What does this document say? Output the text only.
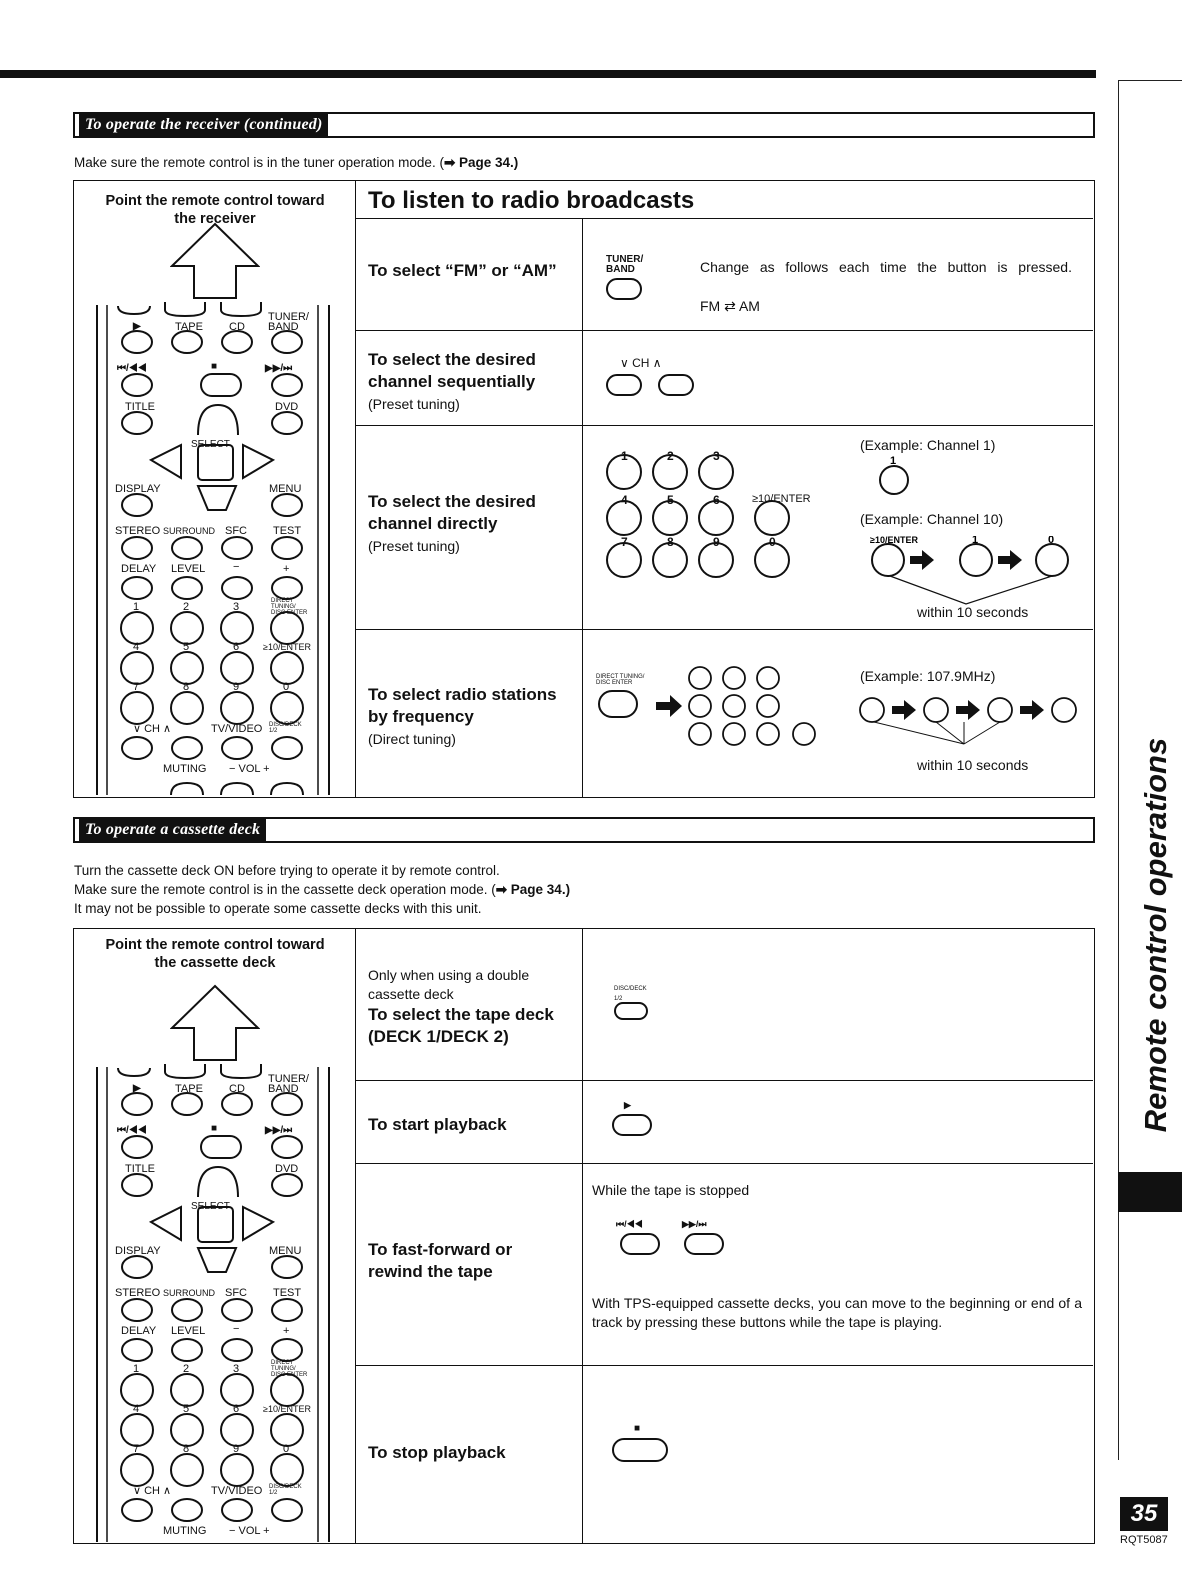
To operate the receiver (continued)
Make sure the remote control is in the tuner operation mode. (➡ Page 34.)
To listen to radio broadcasts
Point the remote control toward the receiver
▶	TAPE CD
TUNER/ BAND
⏮/◀◀	■	▶▶/⏭
TITLE	DVD
SELECT
DISPLAY	MENU
STEREO SURROUND SFC TEST
DELAY LEVEL	−	+
1	2	3	DIRECT TUNING/ DISC ENTER
4	5	6	≥10/ENTER
7	8	9	0
∨ CH ∧	TV/VIDEO DISC/DECK 1/2
MUTING − VOL +
To select “FM” or “AM”
TUNER/ BAND	Change as follows each time the button is pressed.
FM ⇄ AM
To select the desired channel sequentially
(Preset tuning)
∨ CH ∧
To select the desired channel directly
(Preset tuning)
1	2	3
4	5	6
7	8	9	0
≥10/ENTER
(Example: Channel 1)
1
(Example: Channel 10)
≥10/ENTER	1	0
within 10 seconds
To select radio stations by frequency
(Direct tuning)
DIRECT TUNING/ DISC ENTER	(Example: 107.9MHz)
within 10 seconds
To operate a cassette deck
Turn the cassette deck ON before trying to operate it by remote control.
Make sure the remote control is in the cassette deck operation mode. (➡ Page 34.)
It may not be possible to operate some cassette decks with this unit.
Point the remote control toward the cassette deck
▶	TAPE CD
TUNER/ BAND
⏮/◀◀	■	▶▶/⏭
TITLE	DVD
SELECT
DISPLAY	MENU
STEREO SURROUND SFC TEST
DELAY LEVEL	−	+
1	2	3	DIRECT TUNING/ DISC ENTER
4	5	6	≥10/ENTER
7	8	9	0
∨ CH ∧	TV/VIDEO DISC/DECK 1/2
MUTING − VOL +
Only when using a double cassette deck
To select the tape deck (DECK 1/DECK 2)
DISC/DECK 1/2
To start playback
▶
To fast-forward or rewind the tape
While the tape is stopped
⏮/◀◀	▶▶/⏭
With TPS-equipped cassette decks, you can move to the beginning or end of a track by pressing these buttons while the tape is playing.
To stop playback
■
Remote control operations
35
RQT5087
